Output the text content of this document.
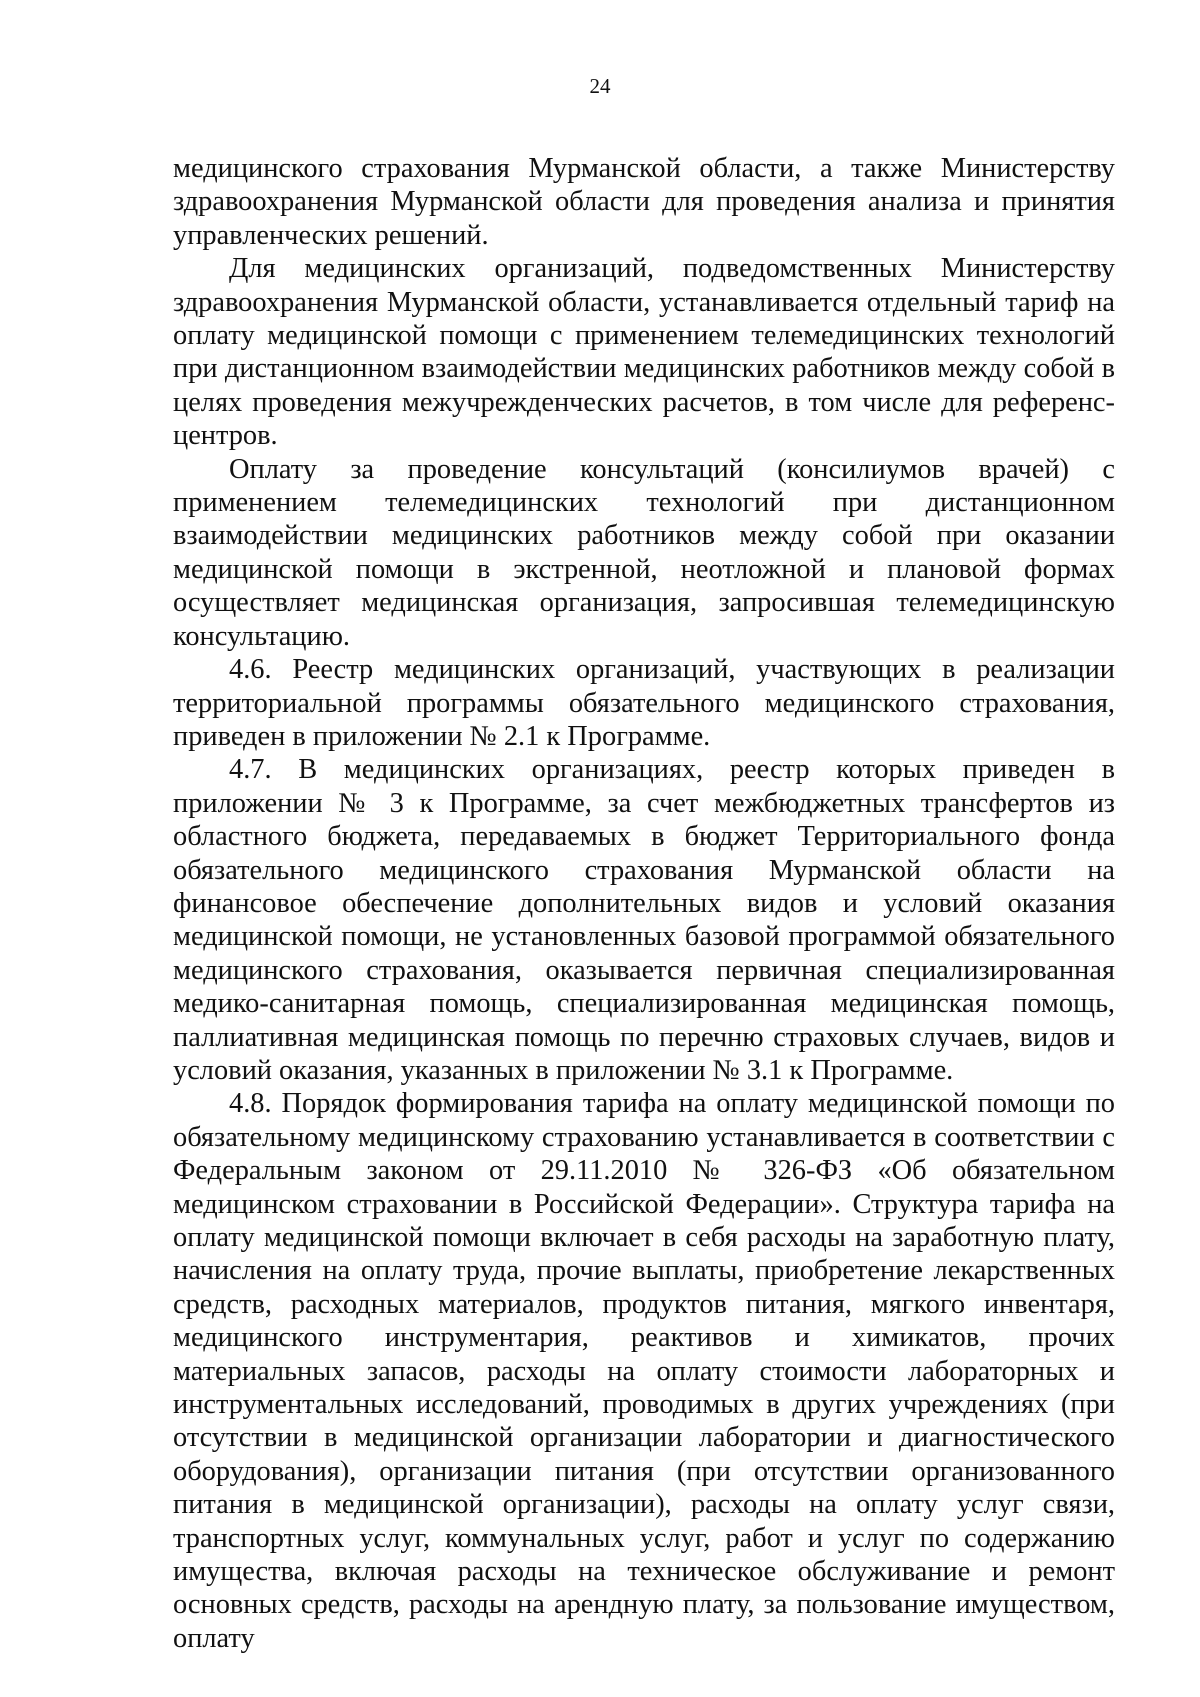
24

медицинского страхования Мурманской области, а также Министерству здравоохранения Мурманской области для проведения анализа и принятия управленческих решений.

Для медицинских организаций, подведомственных Министерству здравоохранения Мурманской области, устанавливается отдельный тариф на оплату медицинской помощи с применением телемедицинских технологий при дистанционном взаимодействии медицинских работников между собой в целях проведения межучрежденческих расчетов, в том числе для референс-центров.

Оплату за проведение консультаций (консилиумов врачей) с применением телемедицинских технологий при дистанционном взаимодействии медицинских работников между собой при оказании медицинской помощи в экстренной, неотложной и плановой формах осуществляет медицинская организация, запросившая телемедицинскую консультацию.

4.6. Реестр медицинских организаций, участвующих в реализации территориальной программы обязательного медицинского страхования, приведен в приложении № 2.1 к Программе.

4.7. В медицинских организациях, реестр которых приведен в приложении № 3 к Программе, за счет межбюджетных трансфертов из областного бюджета, передаваемых в бюджет Территориального фонда обязательного медицинского страхования Мурманской области на финансовое обеспечение дополнительных видов и условий оказания медицинской помощи, не установленных базовой программой обязательного медицинского страхования, оказывается первичная специализированная медико-санитарная помощь, специализированная медицинская помощь, паллиативная медицинская помощь по перечню страховых случаев, видов и условий оказания, указанных в приложении № 3.1 к Программе.

4.8. Порядок формирования тарифа на оплату медицинской помощи по обязательному медицинскому страхованию устанавливается в соответствии с Федеральным законом от 29.11.2010 № 326-ФЗ «Об обязательном медицинском страховании в Российской Федерации». Структура тарифа на оплату медицинской помощи включает в себя расходы на заработную плату, начисления на оплату труда, прочие выплаты, приобретение лекарственных средств, расходных материалов, продуктов питания, мягкого инвентаря, медицинского инструментария, реактивов и химикатов, прочих материальных запасов, расходы на оплату стоимости лабораторных и инструментальных исследований, проводимых в других учреждениях (при отсутствии в медицинской организации лаборатории и диагностического оборудования), организации питания (при отсутствии организованного питания в медицинской организации), расходы на оплату услуг связи, транспортных услуг, коммунальных услуг, работ и услуг по содержанию имущества, включая расходы на техническое обслуживание и ремонт основных средств, расходы на арендную плату, за пользование имуществом, оплату
